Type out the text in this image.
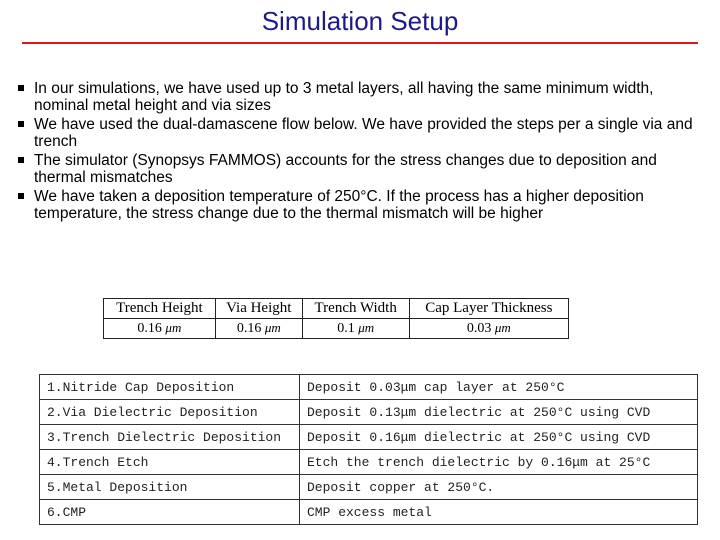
Simulation Setup
In our simulations, we have used up to 3 metal layers, all having the same minimum width, nominal metal height and via sizes
We have used the dual-damascene flow below. We have provided the steps per a single via and trench
The simulator (Synopsys FAMMOS) accounts for the stress changes due to deposition and thermal mismatches
We have taken a deposition temperature of 250°C. If the process has a higher deposition temperature, the stress change due to the thermal mismatch will be higher
Trench Height	Via Height	Trench Width	Cap Layer Thickness
0.16 μm	0.16 μm	0.1 μm	0.03 μm
1.Nitride Cap Deposition	Deposit 0.03μm cap layer at 250°C
2.Via Dielectric Deposition	Deposit 0.13μm dielectric at 250°C using CVD
3.Trench Dielectric Deposition	Deposit 0.16μm dielectric at 250°C using CVD
4.Trench Etch	Etch the trench dielectric by 0.16μm at 25°C
5.Metal Deposition	Deposit copper at 250°C.
6.CMP	CMP excess metal
